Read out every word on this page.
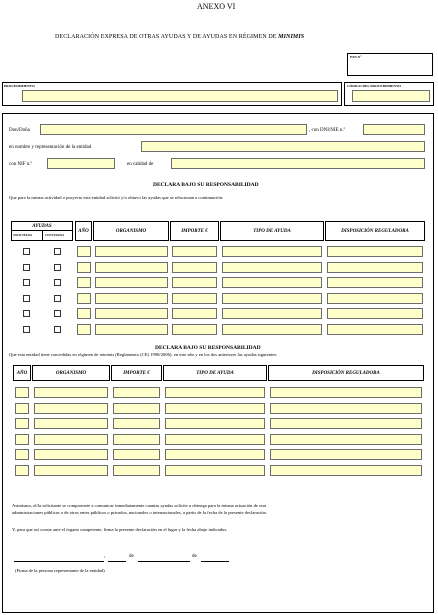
ANEXO VI
DECLARACIÓN EXPRESA DE OTRAS AYUDAS Y DE AYUDAS EN RÉGIMEN DE MINIMIS
ESN Nº
PROCEDIMIENTO	CÓDIGO DEL PROCEDIMIENTO
Don/Doña	, con DNI/NIE n.º
en nombre y representación de la entidad
con NIF n.º	en calidad de
DECLARA BAJO SU RESPONSABILIDAD
Que para la misma actividad o proyecto esta entidad solicitó y/o obtuvo las ayudas que se relacionan a continuación:
AYUDAS
SOLICITADA	CONCEDIDA
AÑO	ORGANISMO	IMPORTE €	TIPO DE AYUDA	DISPOSICIÓN REGULADORA
DECLARA BAJO SU RESPONSABILIDAD
Que esta entidad tiene concedidas en régimen de minimis (Reglamento (CE) 1998/2006), en este año y en los dos anteriores las ayudas siguientes:
AÑO	ORGANISMO	IMPORTE €	TIPO DE AYUDA	DISPOSICIÓN REGULADORA
Asimismo, el/la solicitante se compromete a comunicar inmediatamente cuantas ayudas solicite u obtenga para la misma actuación de otra
administraciones públicas o de otros entes públicos o privados, nacionales o internacionales, a partir de la fecha de la presente declaración.
Y, para que así conste ante el órgano competente, firma la presente declaración en el lugar y la fecha abajo indicados.
,	de	de
(Firma de la persona representante de la entidad)
